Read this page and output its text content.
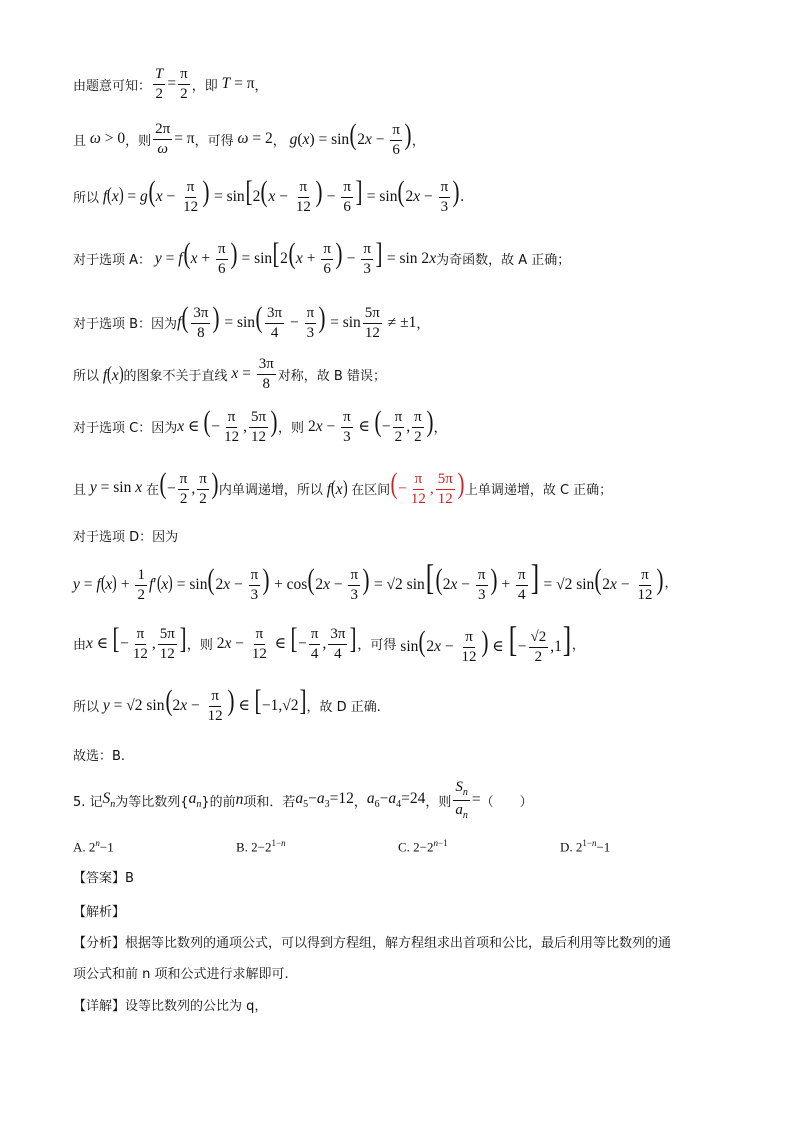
由题意可知： $\frac{T}{2} = \frac{\pi}{2}$ ，即 T = π ，
且 ω > 0 ，则 $\frac{2\pi}{\omega} = \pi$ ，可得 ω = 2 ， $g(x) = \sin(2x - \frac{\pi}{6}$ ) ，
所以 $f(x) = g(x - \frac{\pi}{12}$ ) = $\sin[2(x - \frac{\pi}{12}$ ) − $\frac{\pi}{6}$ ] = $\sin(2x - \frac{\pi}{3}$ ).
对于选项 A： $y = f(x + \frac{\pi}{6}$ ) = $\sin[2(x + \frac{\pi}{6}$ ) − $\frac{\pi}{3}$ ] = sin 2x 为奇函数，故 A 正确；
对于选项 B：因为 $f( \frac{3\pi}{8}$ ) = $\sin( \frac{3\pi}{4} - \frac{\pi}{3}$ ) = $\sin \frac{5\pi}{12} \ne \pm 1$ ，
所以 f(x) 的图象不关于直线 $x = \frac{3\pi}{8}$ 对称，故 B 错误；
对于选项 C：因为 x ∈ (− $\frac{\pi}{12}$ , $\frac{5\pi}{12}$ ) ，则 $2x - \frac{\pi}{3}$ ∈ (− $\frac{\pi}{2}$ , $\frac{\pi}{2}$ ) ，
且 y = sin x 在 (− $\frac{\pi}{2}$ , $\frac{\pi}{2}$ ) 内单调递增，所以 f(x) 在区间 (− $\frac{\pi}{12}$ , $\frac{5\pi}{12}$ ) 上单调递增，故 C 正确；
对于选项 D：因为
$y = f(x) + \frac{1}{2} f'(x) = \sin(2x - \frac{\pi}{3}$ ) + $\cos(2x - \frac{\pi}{3}$ ) = √2 $\sin[(2x - \frac{\pi}{3}$ ) + $\frac{\pi}{4}$ ] = √2 $\sin(2x - \frac{\pi}{12}$ ) ，
由 x ∈ [− $\frac{\pi}{12}$ , $\frac{5\pi}{12}$ ] ，则 $2x - \frac{\pi}{12}$ ∈ [− $\frac{\pi}{4}$ , $\frac{3\pi}{4}$ ] ，可得 $\sin(2x - \frac{\pi}{12}$ ) ∈ [− $\frac{√2}{2} ,1$] ，
所以 y = √2 $\sin(2x - \frac{\pi}{12}$ ) ∈ [−1,√2] ，故 D 正确.
故选：B.
5. 记 $S_n$ 为等比数列{ $a_n$ }的前 n 项和．若 $a_5-a_3=12$ ， $a_6-a_4=24$ ，则 $\frac{S_n}{a_n}$ = （　　）
A. $2^n-1$	B. $2-2^{1-n}$	C. $2-2^{n-1}$	D. $2^{1-n}-1$
【答案】B
【解析】
【分析】根据等比数列的通项公式，可以得到方程组，解方程组求出首项和公比，最后利用等比数列的通
项公式和前 n 项和公式进行求解即可.
【详解】设等比数列的公比为 q，
